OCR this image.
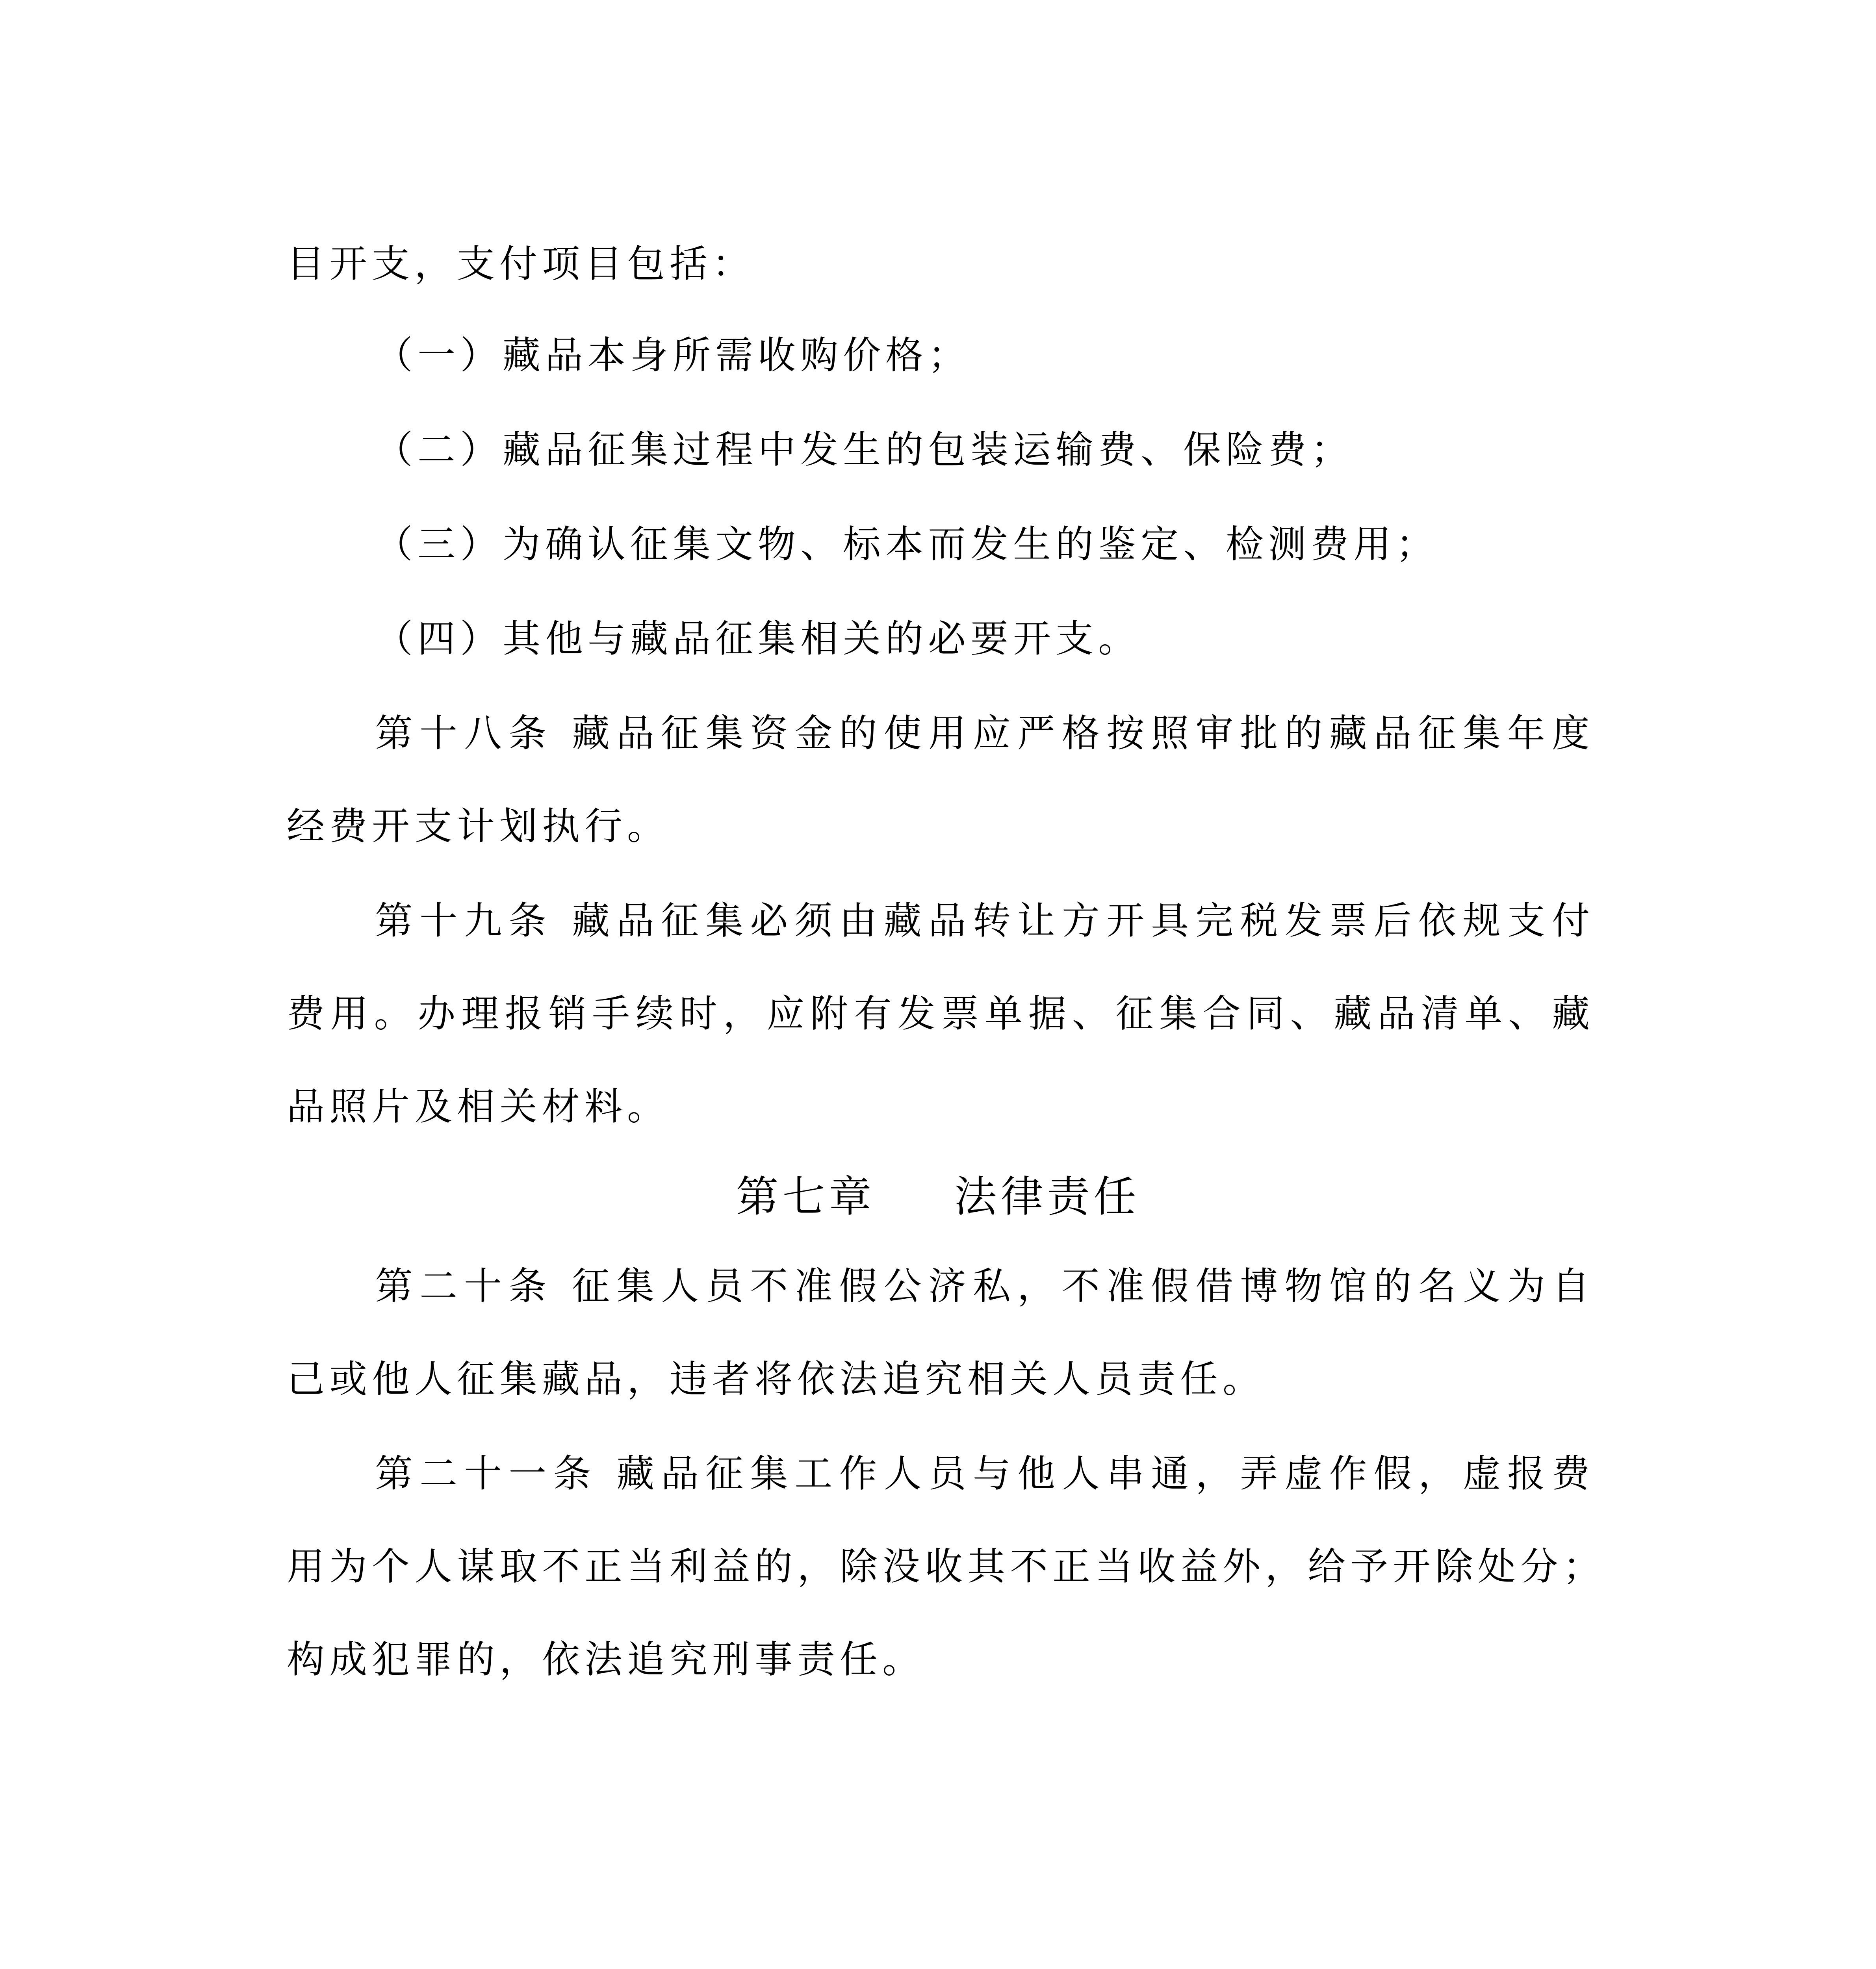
目开支，支付项目包括：
（一）藏品本身所需收购价格；
（二）藏品征集过程中发生的包装运输费、保险费；
（三）为确认征集文物、标本而发生的鉴定、检测费用；
（四）其他与藏品征集相关的必要开支。
第十八条 藏品征集资金的使用应严格按照审批的藏品征集年度
经费开支计划执行。
第十九条 藏品征集必须由藏品转让方开具完税发票后依规支付
费用。办理报销手续时，应附有发票单据、征集合同、藏品清单、藏
品照片及相关材料。
第七章 法律责任
第二十条 征集人员不准假公济私，不准假借博物馆的名义为自
己或他人征集藏品，违者将依法追究相关人员责任。
第二十一条 藏品征集工作人员与他人串通，弄虚作假，虚报费
用为个人谋取不正当利益的，除没收其不正当收益外，给予开除处分；
构成犯罪的，依法追究刑事责任。
